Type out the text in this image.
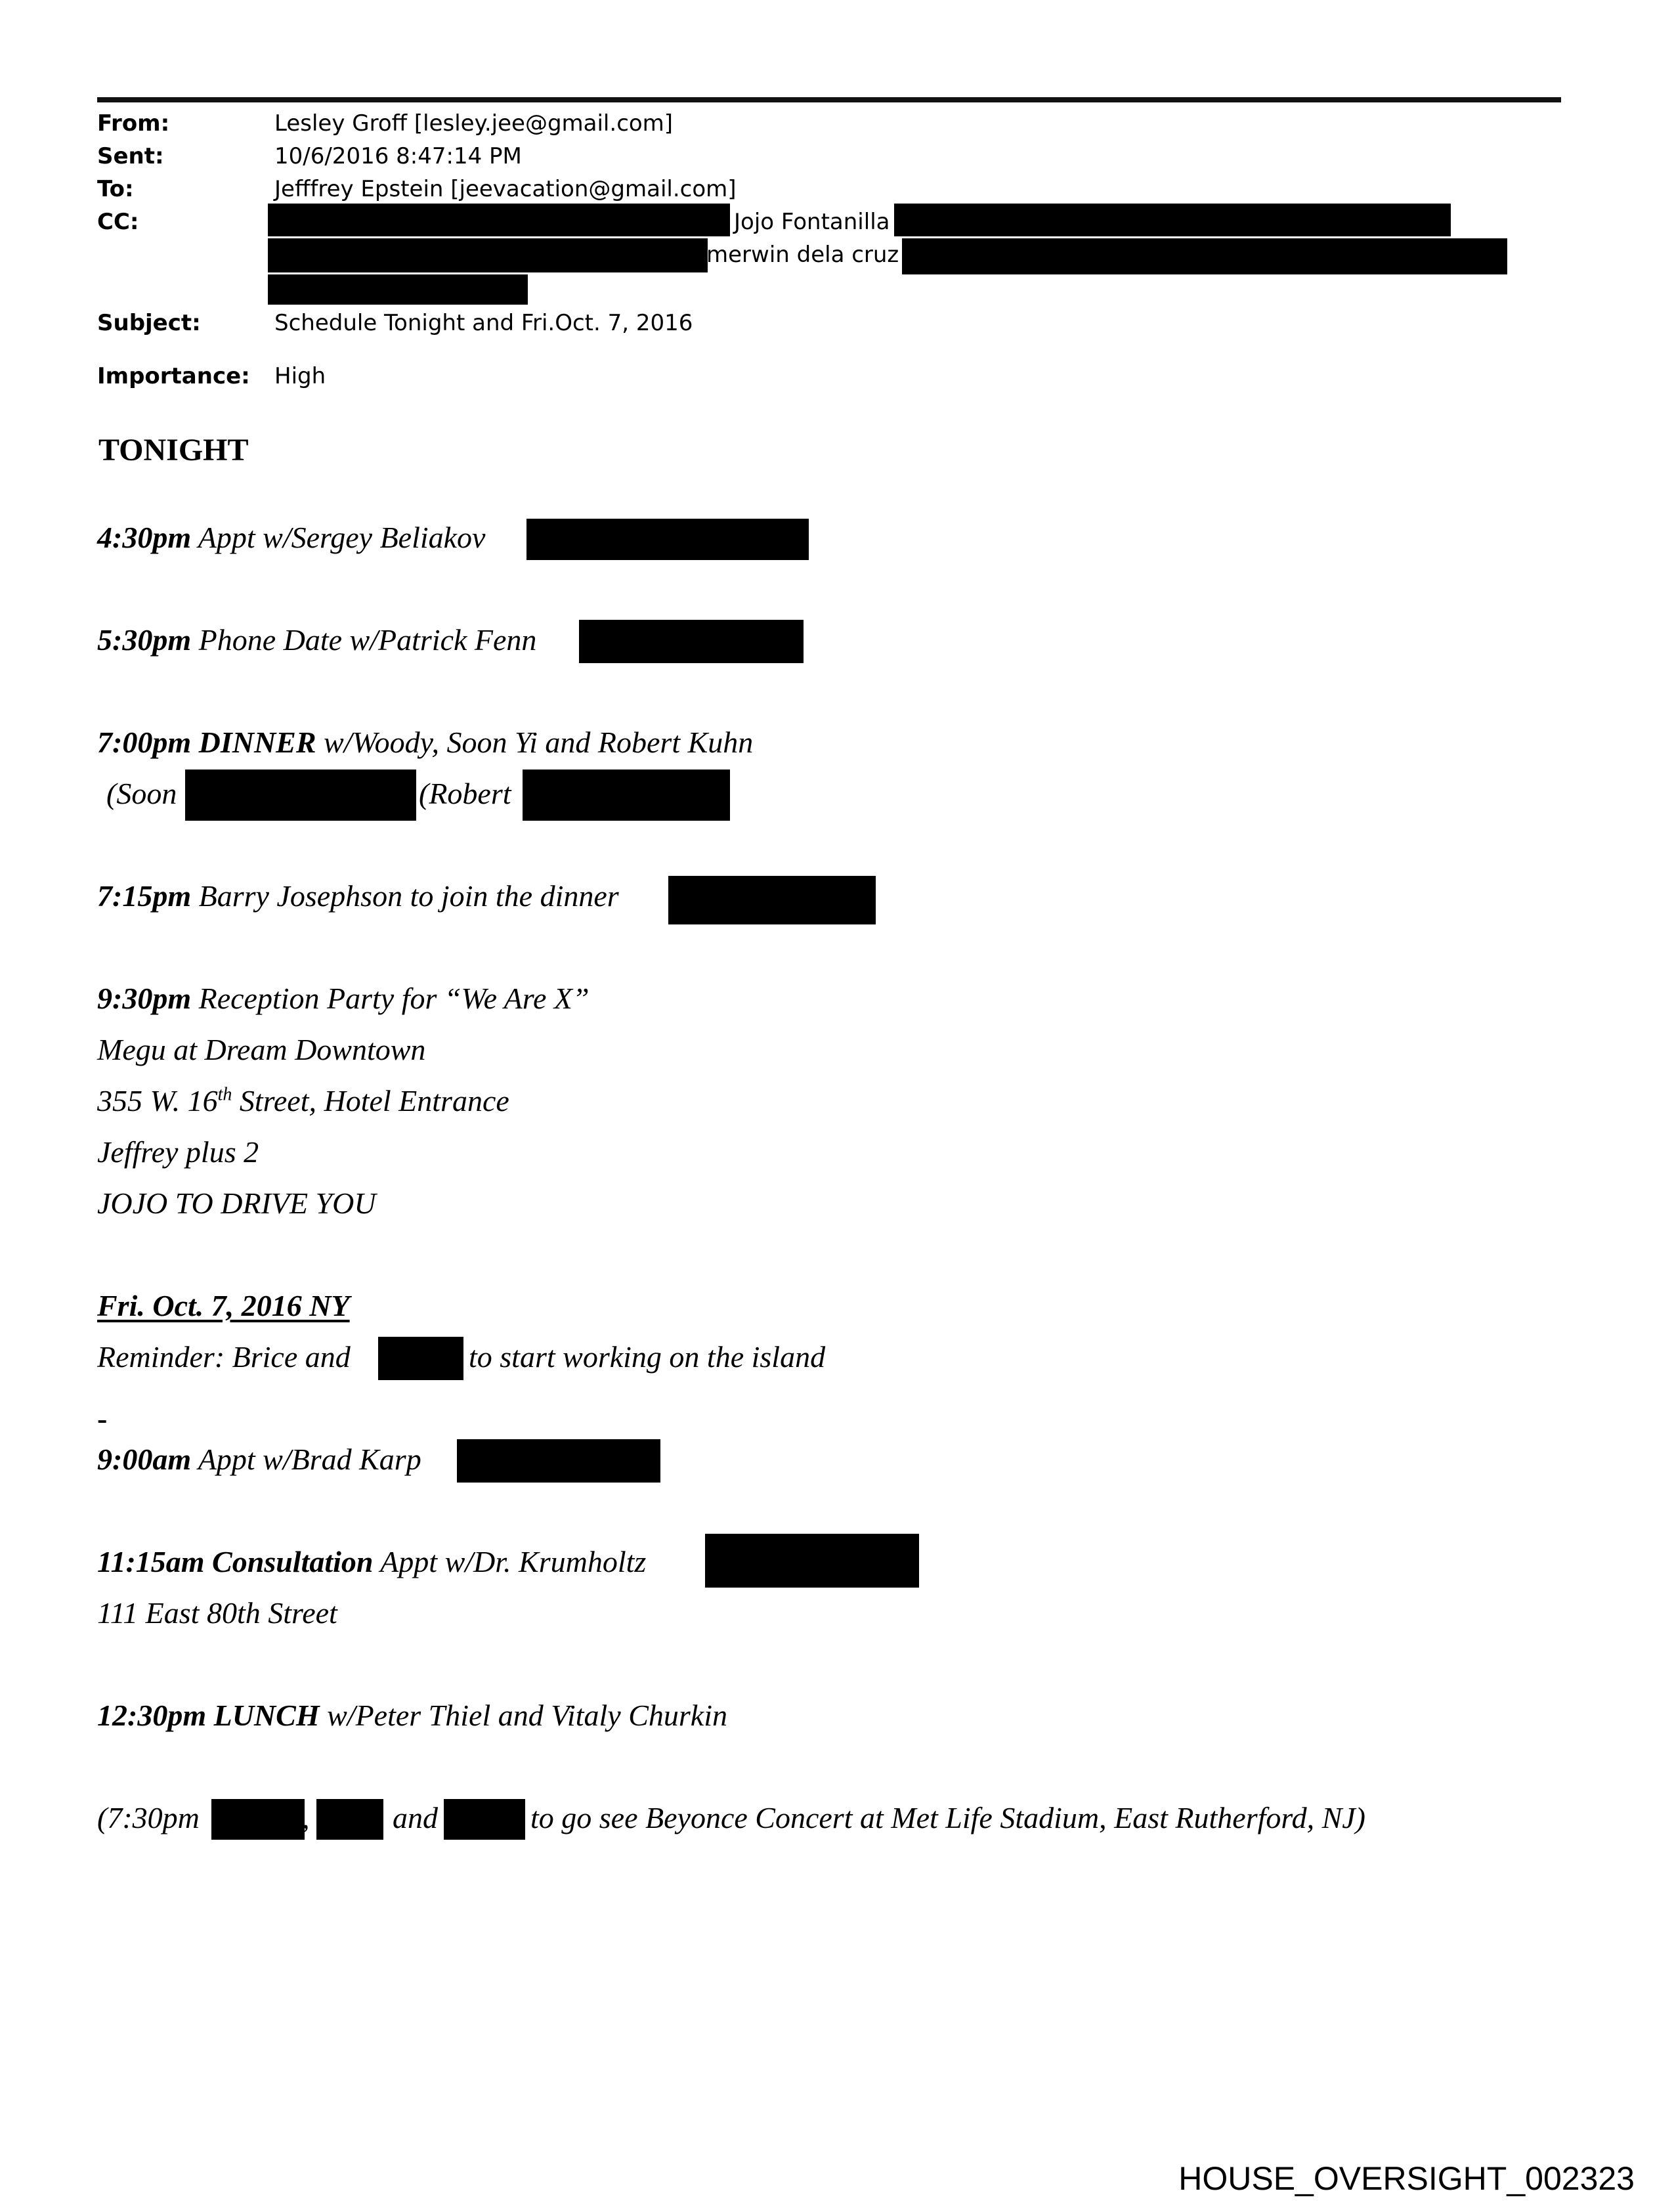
From:	Lesley Groff [lesley.jee@gmail.com]
Sent:	10/6/2016 8:47:14 PM
To:	Jefffrey Epstein [jeevacation@gmail.com]
CC:	Jojo Fontanilla
merwin dela cruz
Subject:	Schedule Tonight and Fri.Oct. 7, 2016
Importance: High
TONIGHT
4:30pm Appt w/Sergey Beliakov
5:30pm Phone Date w/Patrick Fenn
7:00pm DINNER w/Woody, Soon Yi and Robert Kuhn
(Soon	(Robert
7:15pm Barry Josephson to join the dinner
9:30pm Reception Party for “We Are X”
Megu at Dream Downtown
355 W. 16th Street, Hotel Entrance
Jeffrey plus 2
JOJO TO DRIVE YOU
Fri. Oct. 7, 2016 NY
Reminder: Brice and	to start working on the island
-
9:00am Appt w/Brad Karp
11:15am Consultation Appt w/Dr. Krumholtz
111 East 80th Street
12:30pm LUNCH w/Peter Thiel and Vitaly Churkin
(7:30pm	,	and	to go see Beyonce Concert at Met Life Stadium, East Rutherford, NJ)
HOUSE_OVERSIGHT_002323
